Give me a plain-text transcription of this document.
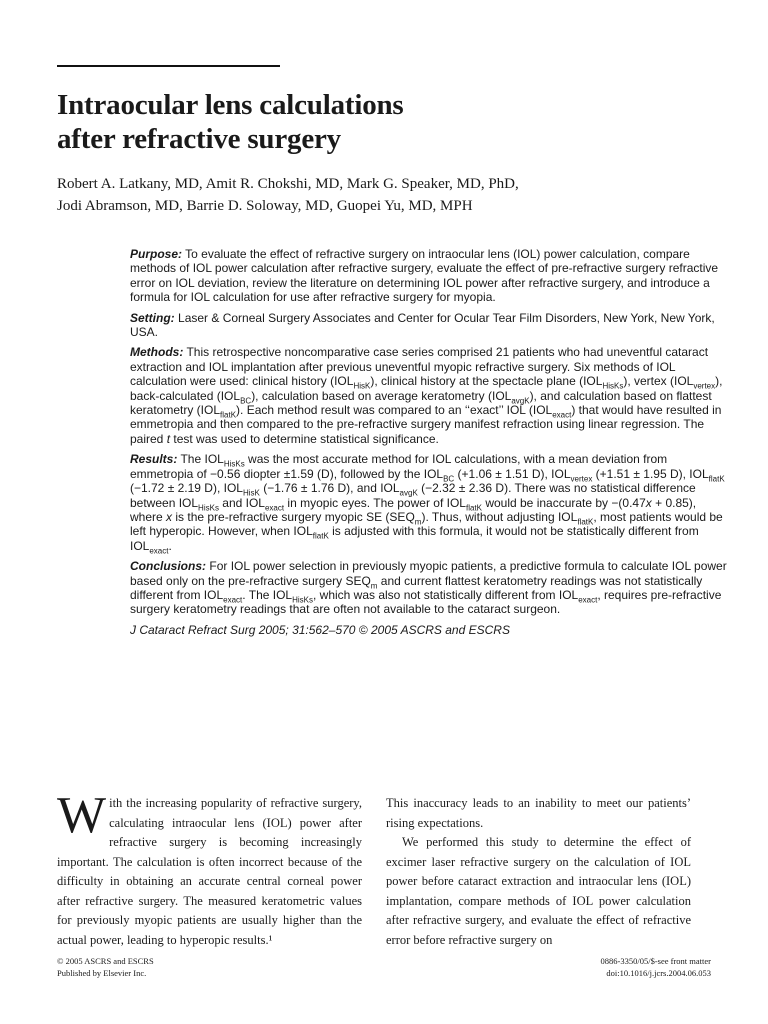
Intraocular lens calculations
after refractive surgery
Robert A. Latkany, MD, Amit R. Chokshi, MD, Mark G. Speaker, MD, PhD,
Jodi Abramson, MD, Barrie D. Soloway, MD, Guopei Yu, MD, MPH

Purpose: To evaluate the effect of refractive surgery on intraocular lens (IOL) power calculation, compare methods of IOL power calculation after refractive surgery, evaluate the effect of pre-refractive surgery refractive error on IOL deviation, review the literature on determining IOL power after refractive surgery, and introduce a formula for IOL calculation for use after refractive surgery for myopia.

Setting: Laser & Corneal Surgery Associates and Center for Ocular Tear Film Disorders, New York, New York, USA.

Methods: This retrospective noncomparative case series comprised 21 patients who had uneventful cataract extraction and IOL implantation after previous uneventful myopic refractive surgery. Six methods of IOL calculation were used: clinical history $(IOL_{HisK})$, clinical history at the spectacle plane $(IOL_{HisKs})$, vertex $(IOL_{vertex})$, back-calculated $(IOL_{BC})$, calculation based on average keratometry $(IOL_{avgK})$, and calculation based on flattest keratometry $(IOL_{flatK})$. Each method result was compared to an ‘‘exact’’ IOL $(IOL_{exact})$ that would have resulted in emmetropia and then compared to the pre-refractive surgery manifest refraction using linear regression. The paired t test was used to determine statistical significance.

Results: The $IOL_{HisKs}$ was the most accurate method for IOL calculations, with a mean deviation from emmetropia of −0.56 diopter ±1.59 (D), followed by the $IOL_{BC}$ (+1.06 ± 1.51 D), $IOL_{vertex}$ (+1.51 ± 1.95 D), $IOL_{flatK}$ (−1.72 ± 2.19 D), $IOL_{HisK}$ (−1.76 ± 1.76 D), and $IOL_{avgK}$ (−2.32 ± 2.36 D). There was no statistical difference between $IOL_{HisKs}$ and $IOL_{exact}$ in myopic eyes. The power of $IOL_{flatK}$ would be inaccurate by −(0.47x + 0.85), where x is the pre-refractive surgery myopic SE $(SEQ_m)$. Thus, without adjusting $IOL_{flatK}$, most patients would be left hyperopic. However, when $IOL_{flatK}$ is adjusted with this formula, it would not be statistically different from $IOL_{exact}$.

Conclusions: For IOL power selection in previously myopic patients, a predictive formula to calculate IOL power based only on the pre-refractive surgery $SEQ_m$ and current flattest keratometry readings was not statistically different from $IOL_{exact}$. The $IOL_{HisKs}$, which was also not statistically different from $IOL_{exact}$, requires pre-refractive surgery keratometry readings that are often not available to the cataract surgeon.

J Cataract Refract Surg 2005; 31:562–570 © 2005 ASCRS and ESCRS

With the increasing popularity of refractive surgery, calculating intraocular lens (IOL) power after refractive surgery is becoming increasingly important. The calculation is often incorrect because of the difficulty in obtaining an accurate central corneal power after refractive surgery. The measured keratometric values for previously myopic patients are usually higher than the actual power, leading to hyperopic results.¹

This inaccuracy leads to an inability to meet our patients’ rising expectations.

We performed this study to determine the effect of excimer laser refractive surgery on the calculation of IOL power before cataract extraction and intraocular lens (IOL) implantation, compare methods of IOL power calculation after refractive surgery, and evaluate the effect of refractive error before refractive surgery on

© 2005 ASCRS and ESCRS
Published by Elsevier Inc.
0886-3350/05/$-see front matter
doi:10.1016/j.jcrs.2004.06.053
